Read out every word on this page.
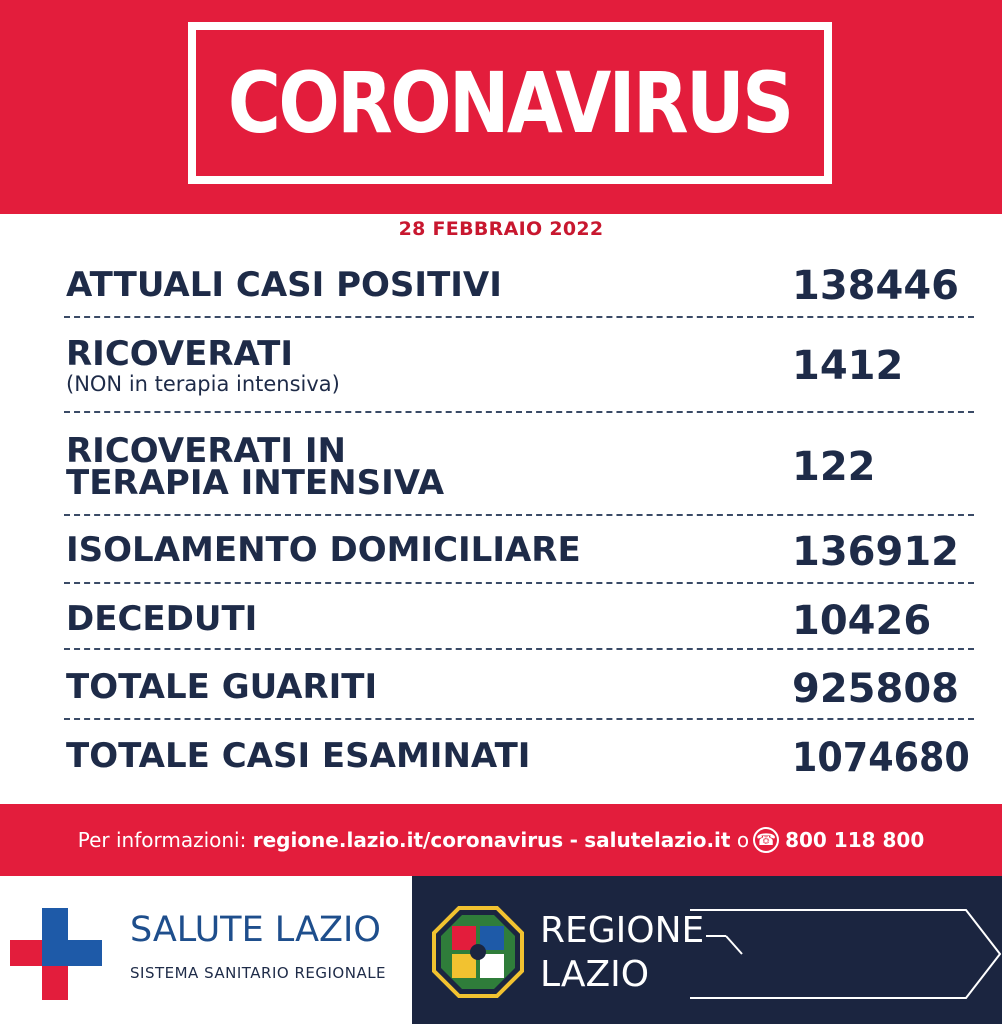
CORONAVIRUS
28 FEBBRAIO 2022
ATTUALI CASI POSITIVI	138446
RICOVERATI
(NON in terapia intensiva)	1412
RICOVERATI IN
TERAPIA INTENSIVA	122
ISOLAMENTO DOMICILIARE	136912
DECEDUTI	10426
TOTALE GUARITI	925808
TOTALE CASI ESAMINATI	1074680
Per informazioni:
regione.lazio.it/coronavirus
-
salutelazio.it
o ☎ 800 118 800
SALUTE LAZIO
SISTEMA SANITARIO REGIONALE
REGIONE
LAZIO
